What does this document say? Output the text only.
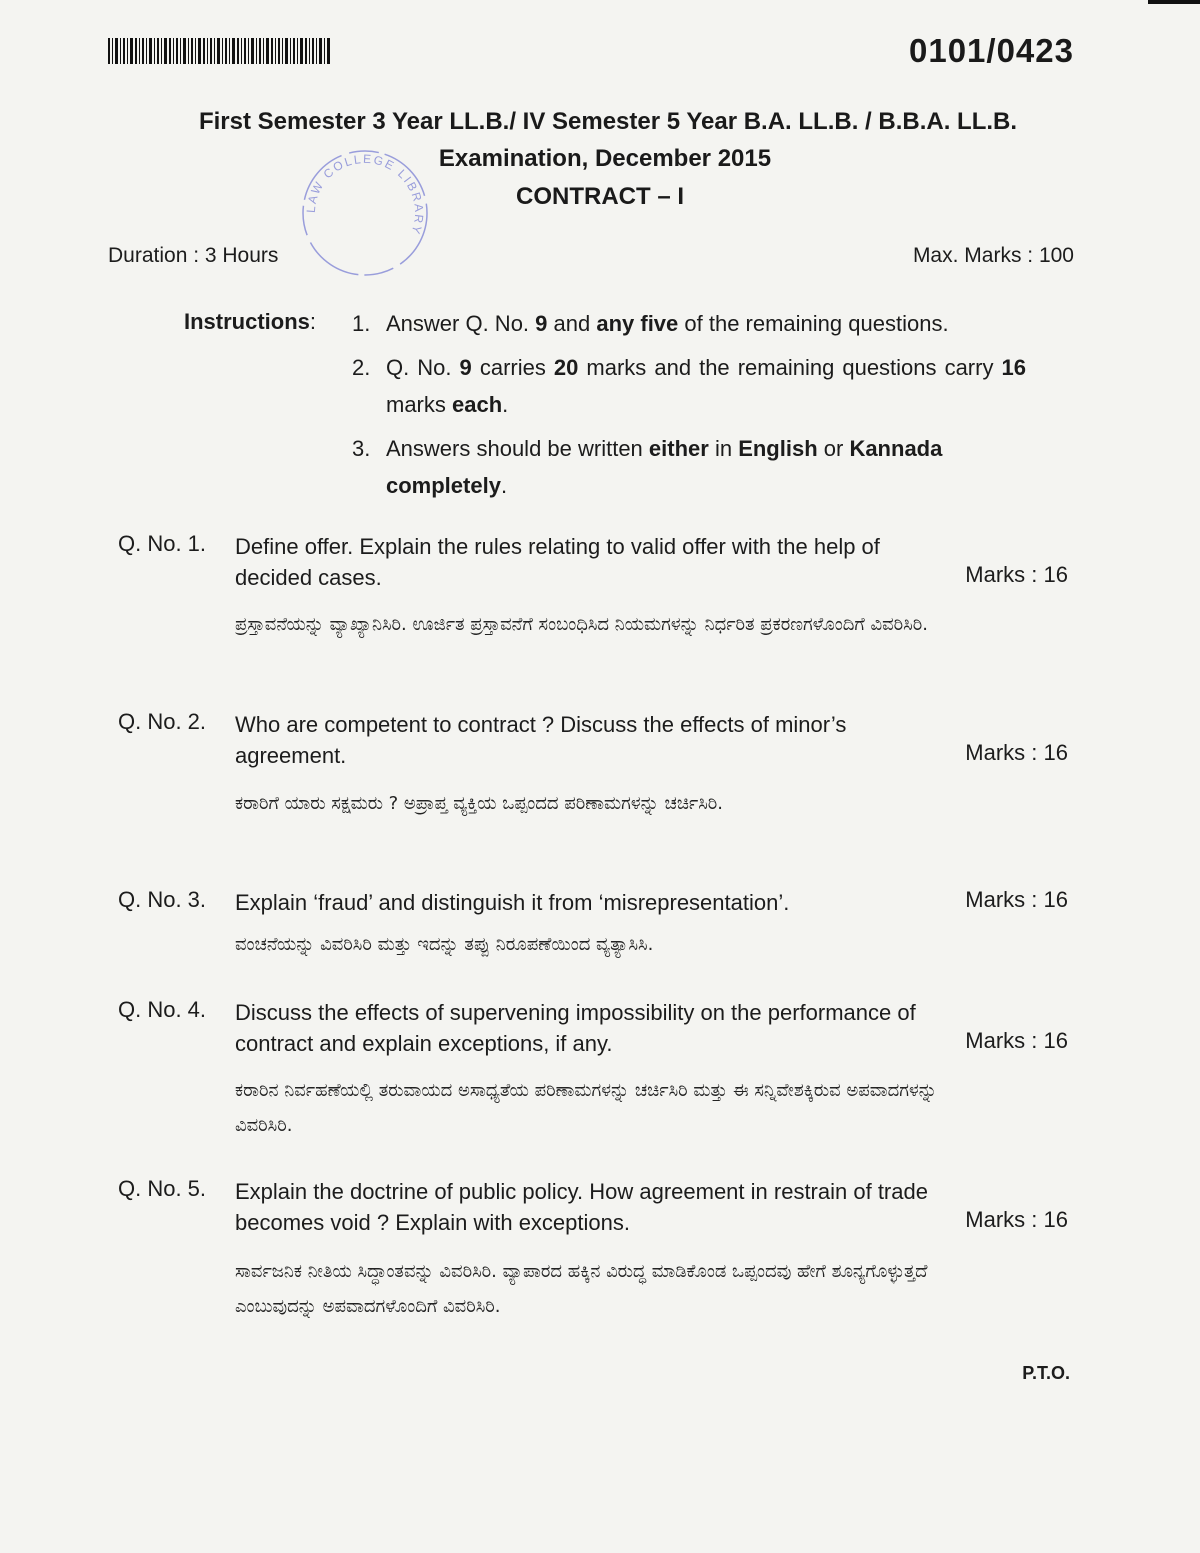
0101/0423
First Semester 3 Year LL.B./ IV Semester 5 Year B.A. LL.B. / B.B.A. LL.B.
Examination, December 2015
CONTRACT – I
LAW COLLEGE LIBRARY
Duration : 3 Hours	Max. Marks : 100
Instructions: 1. Answer Q. No. 9 and any five of the remaining questions.
2. Q. No. 9 carries 20 marks and the remaining questions carry 16 marks each.
3. Answers should be written either in English or Kannada completely.
Q. No. 1. Define offer. Explain the rules relating to valid offer with the help of decided cases.	Marks : 16
ಪ್ರಸ್ತಾವನೆಯನ್ನು ವ್ಯಾಖ್ಯಾನಿಸಿರಿ. ಊರ್ಜಿತ ಪ್ರಸ್ತಾವನೆಗೆ ಸಂಬಂಧಿಸಿದ ನಿಯಮಗಳನ್ನು ನಿರ್ಧರಿತ ಪ್ರಕರಣಗಳೊಂದಿಗೆ ವಿವರಿಸಿರಿ.
Q. No. 2. Who are competent to contract ? Discuss the effects of minor’s agreement.	Marks : 16
ಕರಾರಿಗೆ ಯಾರು ಸಕ್ಷಮರು ? ಅಪ್ರಾಪ್ತ ವ್ಯಕ್ತಿಯ ಒಪ್ಪಂದದ ಪರಿಣಾಮಗಳನ್ನು ಚರ್ಚಿಸಿರಿ.
Q. No. 3. Explain ‘fraud’ and distinguish it from ‘misrepresentation’.	Marks : 16
ವಂಚನೆಯನ್ನು ವಿವರಿಸಿರಿ ಮತ್ತು ಇದನ್ನು ತಪ್ಪು ನಿರೂಪಣೆಯಿಂದ ವ್ಯತ್ಯಾಸಿಸಿ.
Q. No. 4. Discuss the effects of supervening impossibility on the performance of contract and explain exceptions, if any.	Marks : 16
ಕರಾರಿನ ನಿರ್ವಹಣೆಯಲ್ಲಿ ತರುವಾಯದ ಅಸಾಧ್ಯತೆಯ ಪರಿಣಾಮಗಳನ್ನು ಚರ್ಚಿಸಿರಿ ಮತ್ತು ಈ ಸನ್ನಿವೇಶಕ್ಕಿರುವ ಅಪವಾದಗಳನ್ನು ವಿವರಿಸಿರಿ.
Q. No. 5. Explain the doctrine of public policy. How agreement in restrain of trade becomes void ? Explain with exceptions.	Marks : 16
ಸಾರ್ವಜನಿಕ ನೀತಿಯ ಸಿದ್ಧಾಂತವನ್ನು ವಿವರಿಸಿರಿ. ವ್ಯಾಪಾರದ ಹಕ್ಕಿನ ವಿರುದ್ಧ ಮಾಡಿಕೊಂಡ ಒಪ್ಪಂದವು ಹೇಗೆ ಶೂನ್ಯಗೊಳ್ಳುತ್ತದೆ ಎಂಬುವುದನ್ನು ಅಪವಾದಗಳೊಂದಿಗೆ ವಿವರಿಸಿರಿ.
P.T.O.
